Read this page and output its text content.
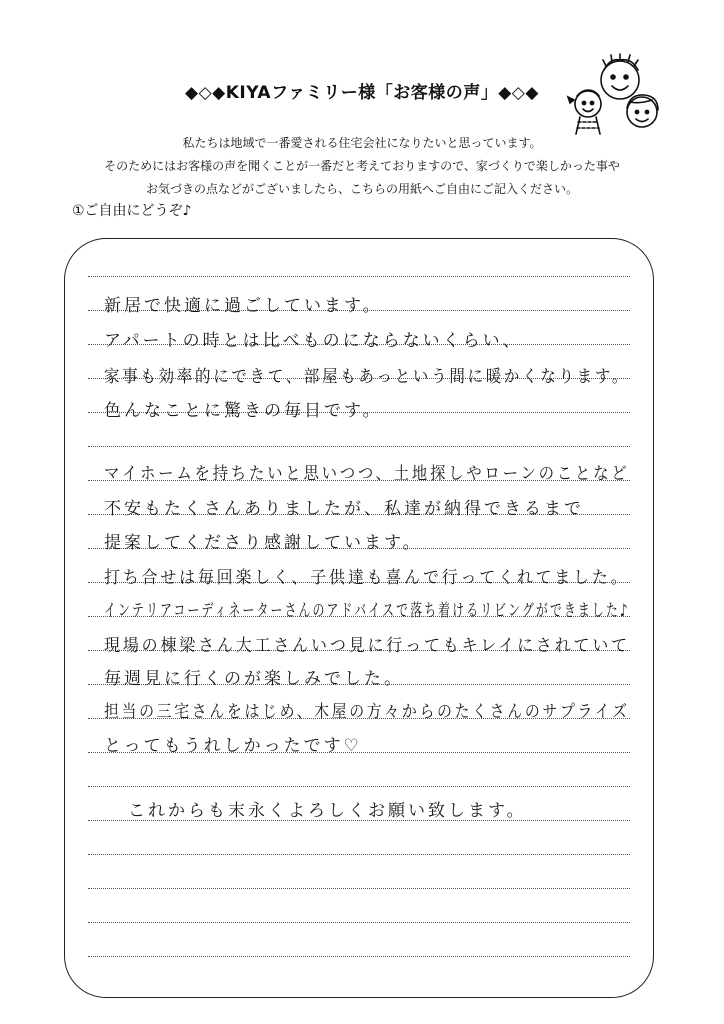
◆◇◆KIYAファミリー様「お客様の声」◆◇◆
私たちは地域で一番愛される住宅会社になりたいと思っています。
そのためにはお客様の声を聞くことが一番だと考えておりますので、家づくりで楽しかった事や
お気づきの点などがございましたら、こちらの用紙へご自由にご記入ください。
①ご自由にどうぞ♪
新居で快適に過ごしています。
アパートの時とは比べものにならないくらい、
家事も効率的にできて、部屋もあっという間に暖かくなります。
色んなことに驚きの毎日です。
マイホームを持ちたいと思いつつ、土地探しやローンのことなど
不安もたくさんありましたが、私達が納得できるまで
提案してくださり感謝しています。
打ち合せは毎回楽しく、子供達も喜んで行ってくれてました。
インテリアコーディネーターさんのアドバイスで落ち着けるリビングができました♪
現場の棟梁さん大工さんいつ見に行ってもキレイにされていて
毎週見に行くのが楽しみでした。
担当の三宅さんをはじめ、木屋の方々からのたくさんのサプライズ
とってもうれしかったです♡
これからも末永くよろしくお願い致します。
